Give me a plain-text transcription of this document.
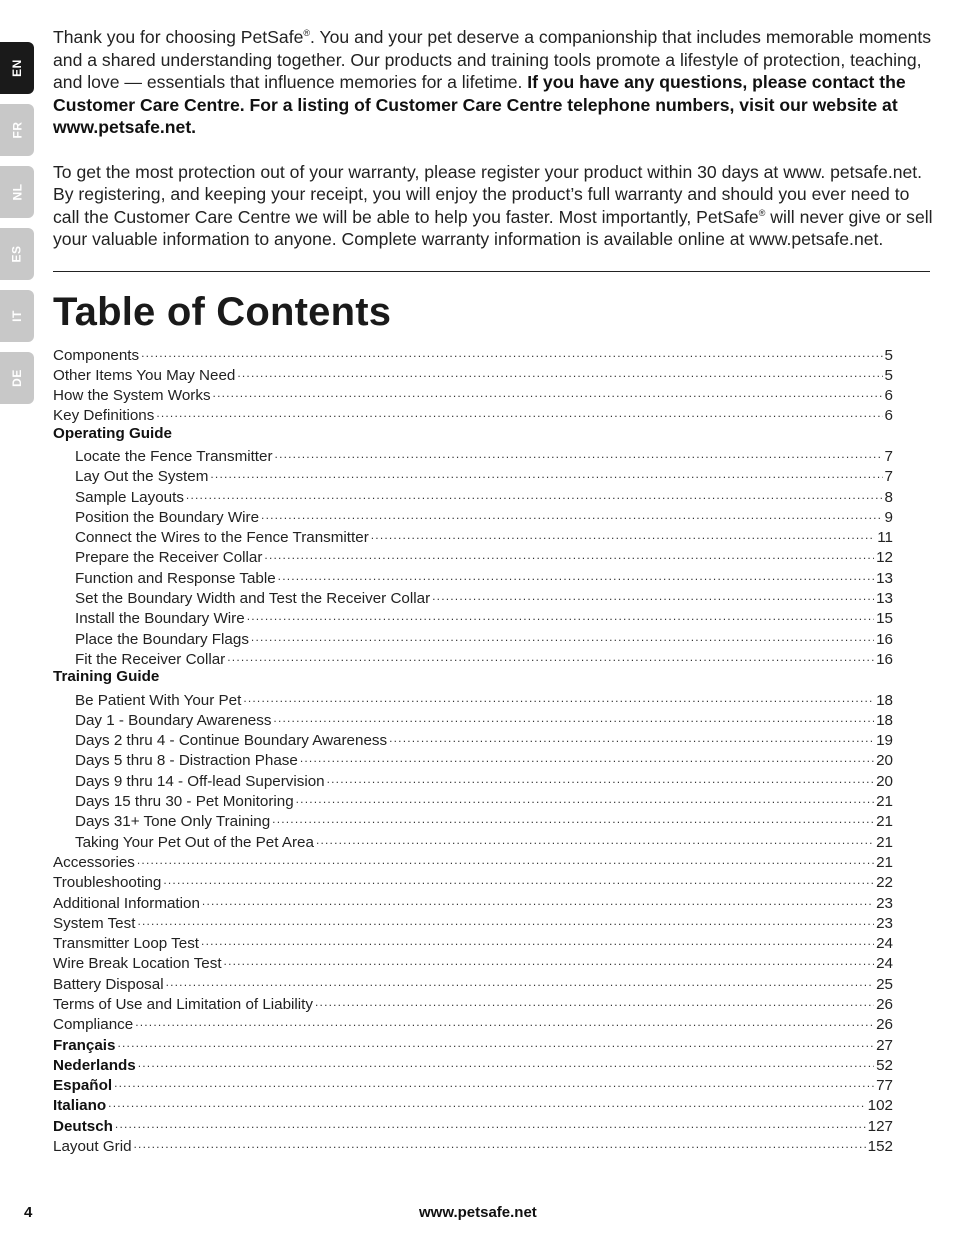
EN
FR
NL
ES
IT
DE

Thank you for choosing PetSafe®. You and your pet deserve a companionship that includes memorable moments and a shared understanding together. Our products and training tools promote a lifestyle of protection, teaching, and love — essentials that influence memories for a lifetime. If you have any questions, please contact the Customer Care Centre. For a listing of Customer Care Centre telephone numbers, visit our website at www.petsafe.net.

To get the most protection out of your warranty, please register your product within 30 days at www. petsafe.net. By registering, and keeping your receipt, you will enjoy the product’s full warranty and should you ever need to call the Customer Care Centre we will be able to help you faster. Most importantly, PetSafe® will never give or sell your valuable information to anyone. Complete warranty information is available online at www.petsafe.net.

Table of Contents
Components .....	5
Other Items You May Need .....	5
How the System Works .....	6
Key Definitions .....	6
Operating Guide
Locate the Fence Transmitter .....	7
Lay Out the System .....	7
Sample Layouts .....	8
Position the Boundary Wire .....	9
Connect the Wires to the Fence Transmitter .....	11
Prepare the Receiver Collar .....	12
Function and Response Table .....	13
Set the Boundary Width and Test the Receiver Collar .....	13
Install the Boundary Wire .....	15
Place the Boundary Flags .....	16
Fit the Receiver Collar .....	16
Training Guide
Be Patient With Your Pet .....	18
Day 1 - Boundary Awareness .....	18
Days 2 thru 4 - Continue Boundary Awareness .....	19
Days 5 thru 8 - Distraction Phase .....	20
Days 9 thru 14 - Off-lead Supervision .....	20
Days 15 thru 30 - Pet Monitoring .....	21
Days 31+ Tone Only Training .....	21
Taking Your Pet Out of the Pet Area .....	21
Accessories .....	21
Troubleshooting .....	22
Additional Information .....	23
System Test .....	23
Transmitter Loop Test .....	24
Wire Break Location Test .....	24
Battery Disposal .....	25
Terms of Use and Limitation of Liability .....	26
Compliance .....	26
Français .....	27
Nederlands .....	52
Español .....	77
Italiano .....	102
Deutsch .....	127
Layout Grid .....	152
4	www.petsafe.net
